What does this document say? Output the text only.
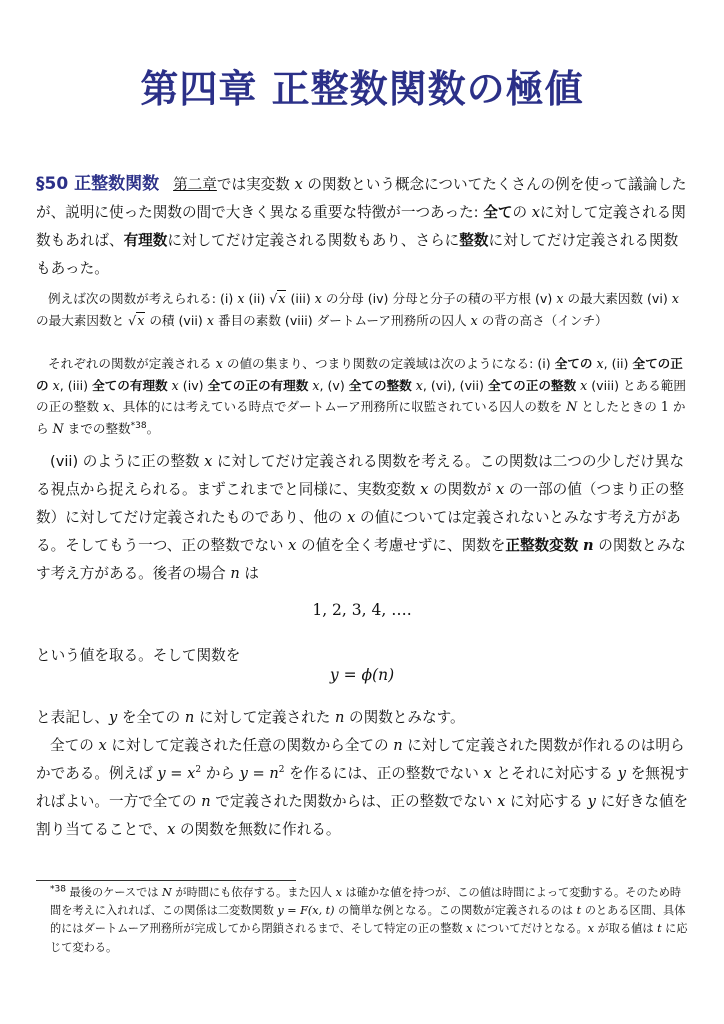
第四章 正整数関数の極値

§50 正整数関数 第二章では実変数 x の関数という概念についてたくさんの例を使って議論したが、説明に使った関数の間で大きく異なる重要な特徴が一つあった: 全ての xに対して定義される関数もあれば、有理数に対してだけ定義される関数もあり、さらに整数に対してだけ定義される関数もあった。

例えば次の関数が考えられる: (i) x (ii) √x (iii) x の分母 (iv) 分母と分子の積の平方根 (v) x の最大素因数 (vi) x の最大素因数と √x の積 (vii) x 番目の素数 (viii) ダートムーア刑務所の囚人 x の背の高さ（インチ）

それぞれの関数が定義される x の値の集まり、つまり関数の定義域は次のようになる: (i) 全ての x, (ii) 全ての正の x, (iii) 全ての有理数 x (iv) 全ての正の有理数 x, (v) 全ての整数 x, (vi), (vii) 全ての正の整数 x (viii) とある範囲の正の整数 x、具体的には考えている時点でダートムーア刑務所に収監されている囚人の数を N としたときの 1 から N までの整数$^{*38}$。

(vii) のように正の整数 x に対してだけ定義される関数を考える。この関数は二つの少しだけ異なる視点から捉えられる。まずこれまでと同様に、実数変数 x の関数が x の一部の値（つまり正の整数）に対してだけ定義されたものであり、他の x の値については定義されないとみなす考え方がある。そしてもう一つ、正の整数でない x の値を全く考慮せずに、関数を正整数変数 n の関数とみなす考え方がある。後者の場合 n は

1, 2, 3, 4, ….

という値を取る。そして関数を

y = ϕ(n)

と表記し、y を全ての n に対して定義された n の関数とみなす。

全ての x に対して定義された任意の関数から全ての n に対して定義された関数が作れるのは明らかである。例えば $y = x^2$ から $y = n^2$ を作るには、正の整数でない x とそれに対応する y を無視すればよい。一方で全ての n で定義された関数からは、正の整数でない x に対応する y に好きな値を割り当てることで、x の関数を無数に作れる。

$^{*38}$ 最後のケースでは N が時間にも依存する。また囚人 x は確かな値を持つが、この値は時間によって変動する。そのため時間を考えに入れれば、この関係は二変数関数 y = F(x, t) の簡単な例となる。この関数が定義されるのは t のとある区間、具体的にはダートムーア刑務所が完成してから閉鎖されるまで、そして特定の正の整数 x についてだけとなる。x が取る値は t に応じて変わる。
